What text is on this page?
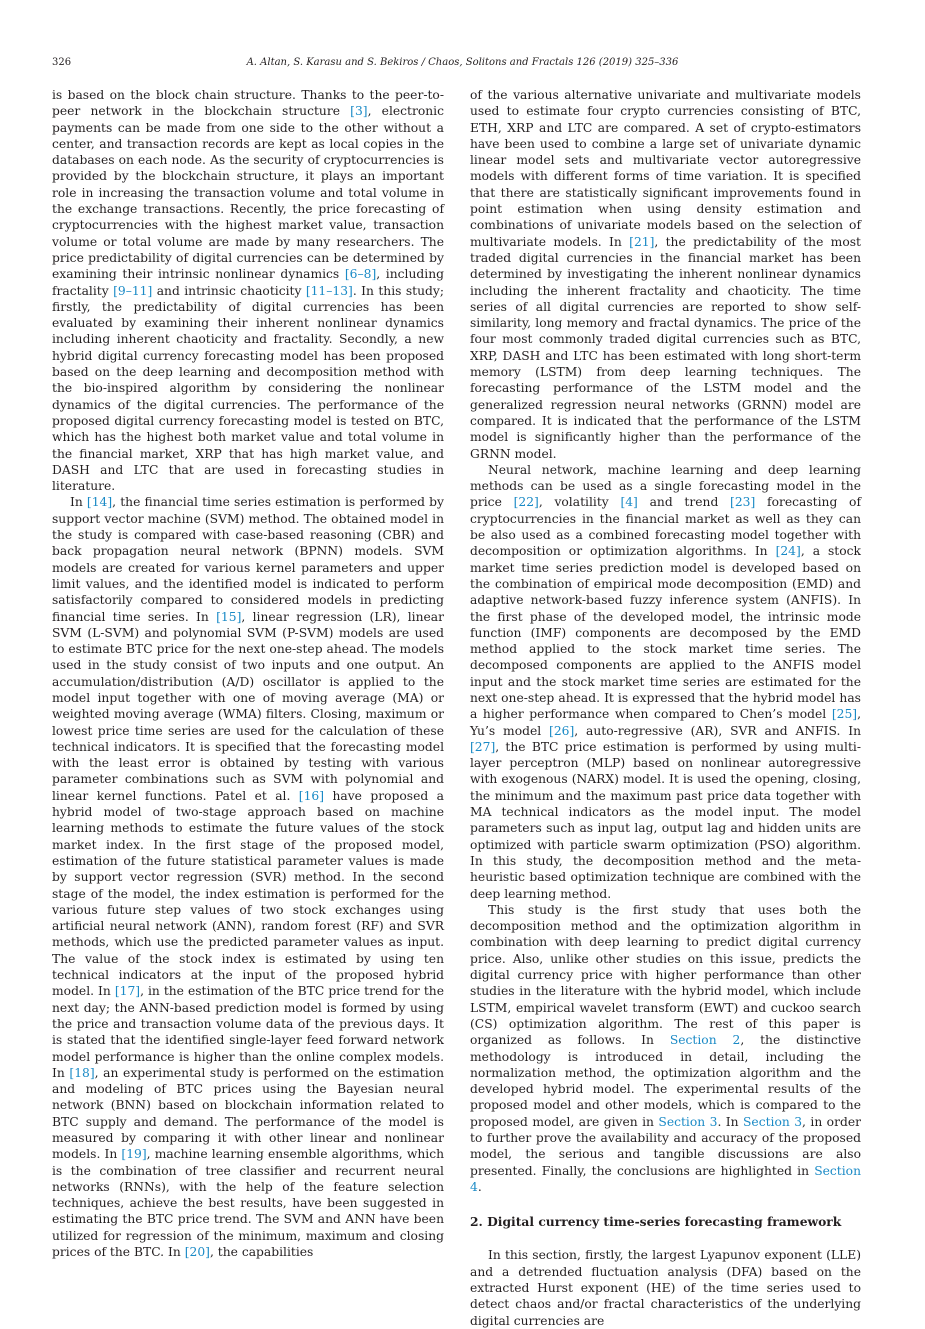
326	A. Altan, S. Karasu and S. Bekiros / Chaos, Solitons and Fractals 126 (2019) 325–336

is based on the block chain structure. Thanks to the peer-to-peer network in the blockchain structure [3], electronic payments can be made from one side to the other without a center, and transaction records are kept as local copies in the databases on each node. As the security of cryptocurrencies is provided by the blockchain structure, it plays an important role in increasing the transaction volume and total volume in the exchange transactions. Recently, the price forecasting of cryptocurrencies with the highest market value, transaction volume or total volume are made by many researchers. The price predictability of digital currencies can be determined by examining their intrinsic nonlinear dynamics [6–8], including fractality [9–11] and intrinsic chaoticity [11–13]. In this study; firstly, the predictability of digital currencies has been evaluated by examining their inherent nonlinear dynamics including inherent chaoticity and fractality. Secondly, a new hybrid digital currency forecasting model has been proposed based on the deep learning and decomposition method with the bio-inspired algorithm by considering the nonlinear dynamics of the digital currencies. The performance of the proposed digital currency forecasting model is tested on BTC, which has the highest both market value and total volume in the financial market, XRP that has high market value, and DASH and LTC that are used in forecasting studies in literature.

In [14], the financial time series estimation is performed by support vector machine (SVM) method. The obtained model in the study is compared with case-based reasoning (CBR) and back propagation neural network (BPNN) models. SVM models are created for various kernel parameters and upper limit values, and the identified model is indicated to perform satisfactorily compared to considered models in predicting financial time series. In [15], linear regression (LR), linear SVM (L-SVM) and polynomial SVM (P-SVM) models are used to estimate BTC price for the next one-step ahead. The models used in the study consist of two inputs and one output. An accumulation/distribution (A/D) oscillator is applied to the model input together with one of moving average (MA) or weighted moving average (WMA) filters. Closing, maximum or lowest price time series are used for the calculation of these technical indicators. It is specified that the forecasting model with the least error is obtained by testing with various parameter combinations such as SVM with polynomial and linear kernel functions. Patel et al. [16] have proposed a hybrid model of two-stage approach based on machine learning methods to estimate the future values of the stock market index. In the first stage of the proposed model, estimation of the future statistical parameter values is made by support vector regression (SVR) method. In the second stage of the model, the index estimation is performed for the various future step values of two stock exchanges using artificial neural network (ANN), random forest (RF) and SVR methods, which use the predicted parameter values as input. The value of the stock index is estimated by using ten technical indicators at the input of the proposed hybrid model. In [17], in the estimation of the BTC price trend for the next day; the ANN-based prediction model is formed by using the price and transaction volume data of the previous days. It is stated that the identified single-layer feed forward network model performance is higher than the online complex models. In [18], an experimental study is performed on the estimation and modeling of BTC prices using the Bayesian neural network (BNN) based on blockchain information related to BTC supply and demand. The performance of the model is measured by comparing it with other linear and nonlinear models. In [19], machine learning ensemble algorithms, which is the combination of tree classifier and recurrent neural networks (RNNs), with the help of the feature selection techniques, achieve the best results, have been suggested in estimating the BTC price trend. The SVM and ANN have been utilized for regression of the minimum, maximum and closing prices of the BTC. In [20], the capabilities

of the various alternative univariate and multivariate models used to estimate four crypto currencies consisting of BTC, ETH, XRP and LTC are compared. A set of crypto-estimators have been used to combine a large set of univariate dynamic linear model sets and multivariate vector autoregressive models with different forms of time variation. It is specified that there are statistically significant improvements found in point estimation when using density estimation and combinations of univariate models based on the selection of multivariate models. In [21], the predictability of the most traded digital currencies in the financial market has been determined by investigating the inherent nonlinear dynamics including the inherent fractality and chaoticity. The time series of all digital currencies are reported to show self-similarity, long memory and fractal dynamics. The price of the four most commonly traded digital currencies such as BTC, XRP, DASH and LTC has been estimated with long short-term memory (LSTM) from deep learning techniques. The forecasting performance of the LSTM model and the generalized regression neural networks (GRNN) model are compared. It is indicated that the performance of the LSTM model is significantly higher than the performance of the GRNN model.

Neural network, machine learning and deep learning methods can be used as a single forecasting model in the price [22], volatility [4] and trend [23] forecasting of cryptocurrencies in the financial market as well as they can be also used as a combined forecasting model together with decomposition or optimization algorithms. In [24], a stock market time series prediction model is developed based on the combination of empirical mode decomposition (EMD) and adaptive network-based fuzzy inference system (ANFIS). In the first phase of the developed model, the intrinsic mode function (IMF) components are decomposed by the EMD method applied to the stock market time series. The decomposed components are applied to the ANFIS model input and the stock market time series are estimated for the next one-step ahead. It is expressed that the hybrid model has a higher performance when compared to Chen’s model [25], Yu’s model [26], auto-regressive (AR), SVR and ANFIS. In [27], the BTC price estimation is performed by using multi-layer perceptron (MLP) based on nonlinear autoregressive with exogenous (NARX) model. It is used the opening, closing, the minimum and the maximum past price data together with MA technical indicators as the model input. The model parameters such as input lag, output lag and hidden units are optimized with particle swarm optimization (PSO) algorithm. In this study, the decomposition method and the meta-heuristic based optimization technique are combined with the deep learning method.

This study is the first study that uses both the decomposition method and the optimization algorithm in combination with deep learning to predict digital currency price. Also, unlike other studies on this issue, predicts the digital currency price with higher performance than other studies in the literature with the hybrid model, which include LSTM, empirical wavelet transform (EWT) and cuckoo search (CS) optimization algorithm. The rest of this paper is organized as follows. In Section 2, the distinctive methodology is introduced in detail, including the normalization method, the optimization algorithm and the developed hybrid model. The experimental results of the proposed model and other models, which is compared to the proposed model, are given in Section 3. In Section 3, in order to further prove the availability and accuracy of the proposed model, the serious and tangible discussions are also presented. Finally, the conclusions are highlighted in Section 4.

2. Digital currency time-series forecasting framework

In this section, firstly, the largest Lyapunov exponent (LLE) and a detrended fluctuation analysis (DFA) based on the extracted Hurst exponent (HE) of the time series used to detect chaos and/or fractal characteristics of the underlying digital currencies are
